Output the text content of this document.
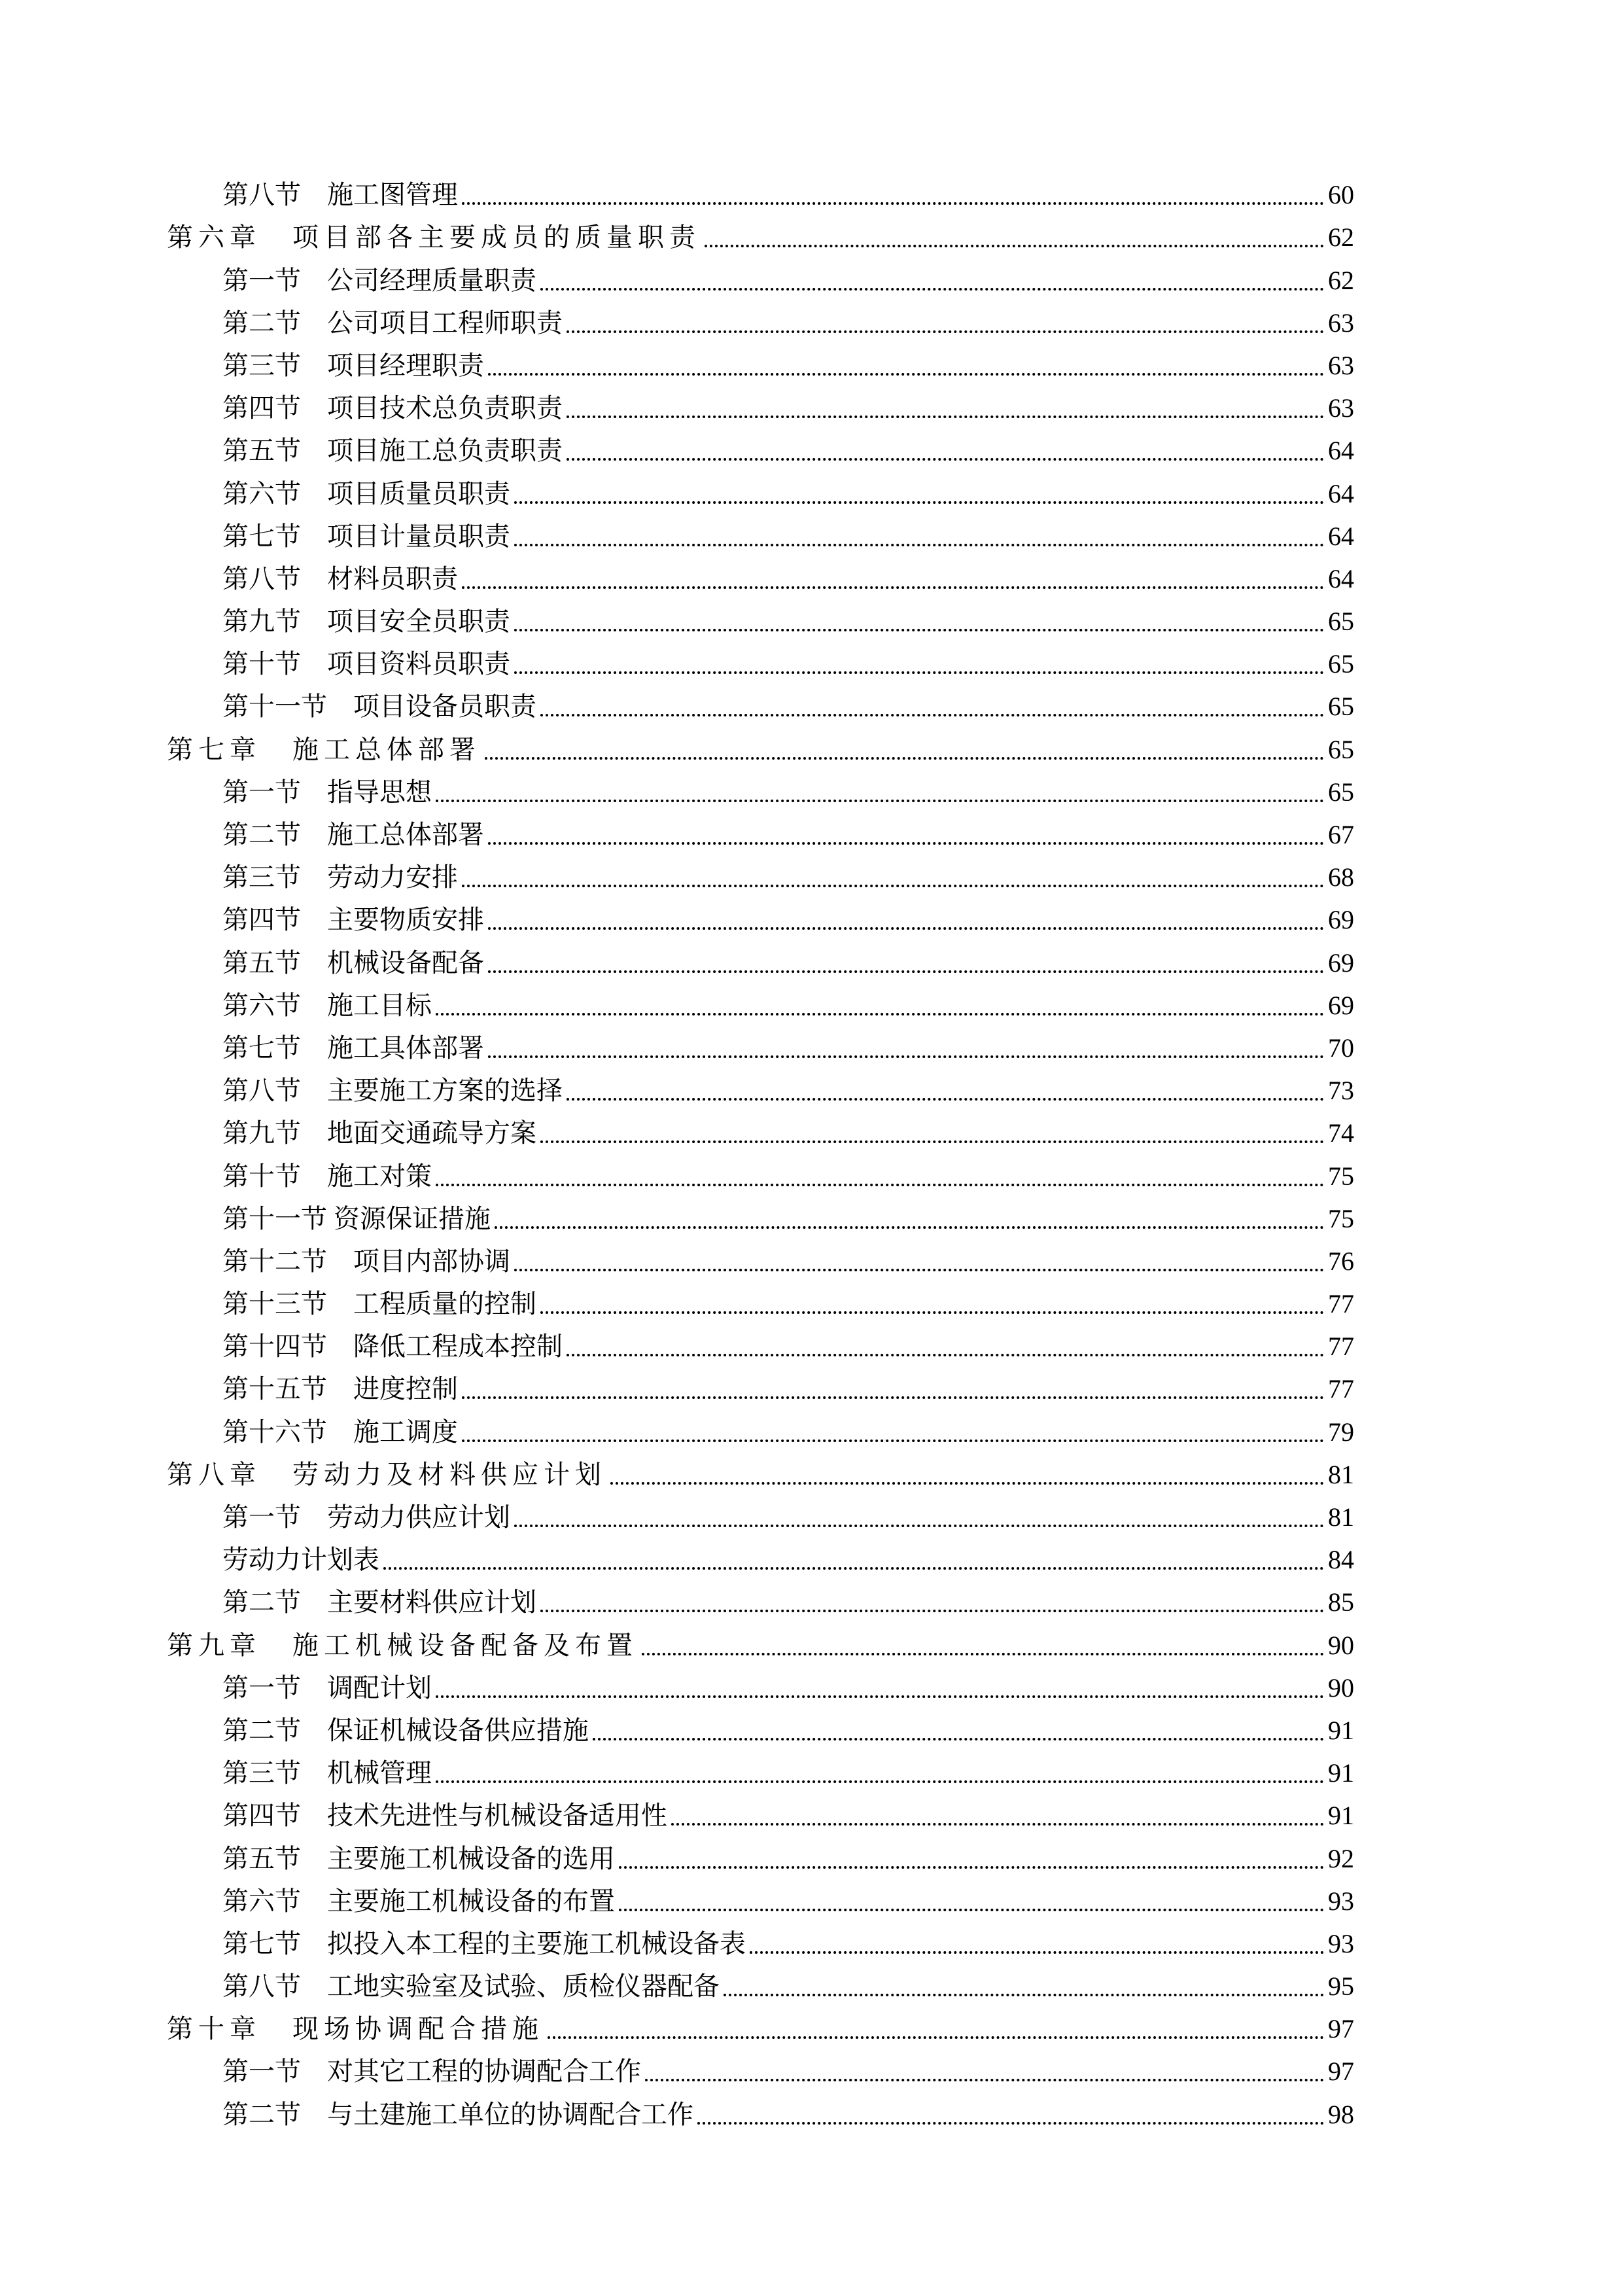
第八节　施工图管理	60
第六章　项目部各主要成员的质量职责	62
第一节　公司经理质量职责	62
第二节　公司项目工程师职责	63
第三节　项目经理职责	63
第四节　项目技术总负责职责	63
第五节　项目施工总负责职责	64
第六节　项目质量员职责	64
第七节　项目计量员职责	64
第八节　材料员职责	64
第九节　项目安全员职责	65
第十节　项目资料员职责	65
第十一节　项目设备员职责	65
第七章　施工总体部署	65
第一节　指导思想	65
第二节　施工总体部署	67
第三节　劳动力安排	68
第四节　主要物质安排	69
第五节　机械设备配备	69
第六节　施工目标	69
第七节　施工具体部署	70
第八节　主要施工方案的选择	73
第九节　地面交通疏导方案	74
第十节　施工对策	75
第十一节 资源保证措施	75
第十二节　项目内部协调	76
第十三节　工程质量的控制	77
第十四节　降低工程成本控制	77
第十五节　进度控制	77
第十六节　施工调度	79
第八章　劳动力及材料供应计划	81
第一节　劳动力供应计划	81
劳动力计划表	84
第二节　主要材料供应计划	85
第九章　施工机械设备配备及布置	90
第一节　调配计划	90
第二节　保证机械设备供应措施	91
第三节　机械管理	91
第四节　技术先进性与机械设备适用性	91
第五节　主要施工机械设备的选用	92
第六节　主要施工机械设备的布置	93
第七节　拟投入本工程的主要施工机械设备表	93
第八节　工地实验室及试验、质检仪器配备	95
第十章　现场协调配合措施	97
第一节　对其它工程的协调配合工作	97
第二节　与土建施工单位的协调配合工作	98
